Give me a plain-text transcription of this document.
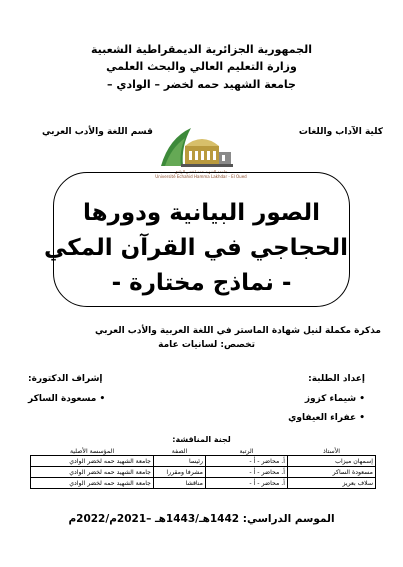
الجمهورية الجزائرية الديمقراطية الشعبية
وزارة التعليم العالي والبحث العلمي
جامعة الشهيد حمه لخضر – الوادي –
كلية الآداب واللغات
قسم اللغة والأدب العربي
جامعة الشهيد حمه لخضر الوادي
Université Echahid Hamma Lakhdar - El Oued
الصور البيانية ودورها
الحجاجي في القرآن المكي
- نماذج مختارة -
مذكرة مكملة لنيل شهادة الماستر في اللغة العربية والأدب العربي
تخصص: لسانيات عامة
إعداد الطلبة:
• شيماء كزوز
• عفراء العيفاوي
إشراف الدكتورة:
• مسعودة الساكر
لجنة المناقشة:
الأستاذ	الرتبة	الصفة	المؤسسة الأصلية
إسمهان ميزاب	أ. محاضر - أ -	رئيسا	جامعة الشهيد حمه لخضر الوادي
مسعودة الساكر	أ. محاضر - أ -	مشرفا ومقررا	جامعة الشهيد حمه لخضر الوادي
سلاف بعريز	أ. محاضر - أ -	مناقشا	جامعة الشهيد حمه لخضر الوادي
الموسم الدراسي: 1442هـ/1443هـ –2021م/2022م
